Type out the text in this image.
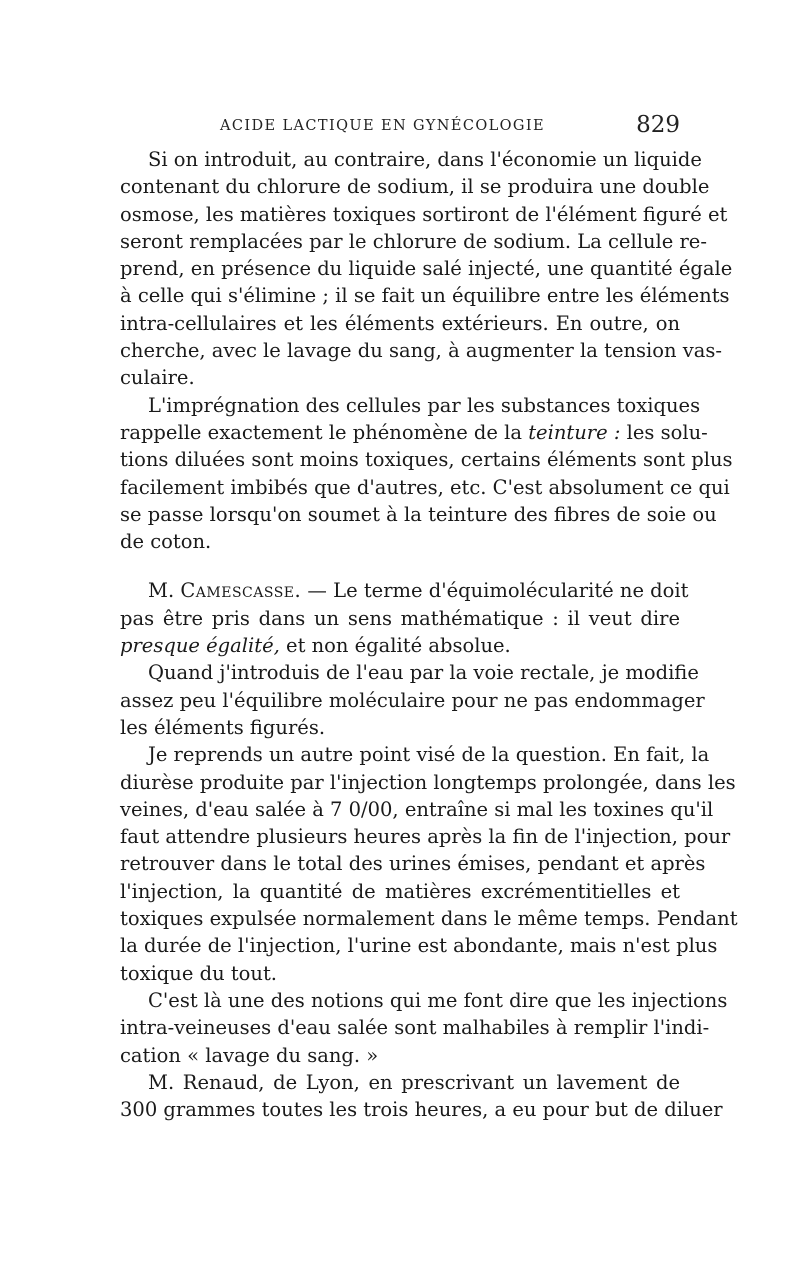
ACIDE LACTIQUE EN GYNÉCOLOGIE	829
Si on introduit, au contraire, dans l'économie un liquide
contenant du chlorure de sodium, il se produira une double
osmose, les matières toxiques sortiront de l'élément figuré et
seront remplacées par le chlorure de sodium. La cellule re-
prend, en présence du liquide salé injecté, une quantité égale
à celle qui s'élimine ; il se fait un équilibre entre les éléments
intra-cellulaires et les éléments extérieurs. En outre, on
cherche, avec le lavage du sang, à augmenter la tension vas-
culaire.
L'imprégnation des cellules par les substances toxiques
rappelle exactement le phénomène de la teinture : les solu-
tions diluées sont moins toxiques, certains éléments sont plus
facilement imbibés que d'autres, etc. C'est absolument ce qui
se passe lorsqu'on soumet à la teinture des fibres de soie ou
de coton.
M. Camescasse. — Le terme d'équimolécularité ne doit
pas être pris dans un sens mathématique : il veut dire
presque égalité, et non égalité absolue.
Quand j'introduis de l'eau par la voie rectale, je modifie
assez peu l'équilibre moléculaire pour ne pas endommager
les éléments figurés.
Je reprends un autre point visé de la question. En fait, la
diurèse produite par l'injection longtemps prolongée, dans les
veines, d'eau salée à 7 0/00, entraîne si mal les toxines qu'il
faut attendre plusieurs heures après la fin de l'injection, pour
retrouver dans le total des urines émises, pendant et après
l'injection, la quantité de matières excrémentitielles et
toxiques expulsée normalement dans le même temps. Pendant
la durée de l'injection, l'urine est abondante, mais n'est plus
toxique du tout.
C'est là une des notions qui me font dire que les injections
intra-veineuses d'eau salée sont malhabiles à remplir l'indi-
cation « lavage du sang. »
M. Renaud, de Lyon, en prescrivant un lavement de
300 grammes toutes les trois heures, a eu pour but de diluer
